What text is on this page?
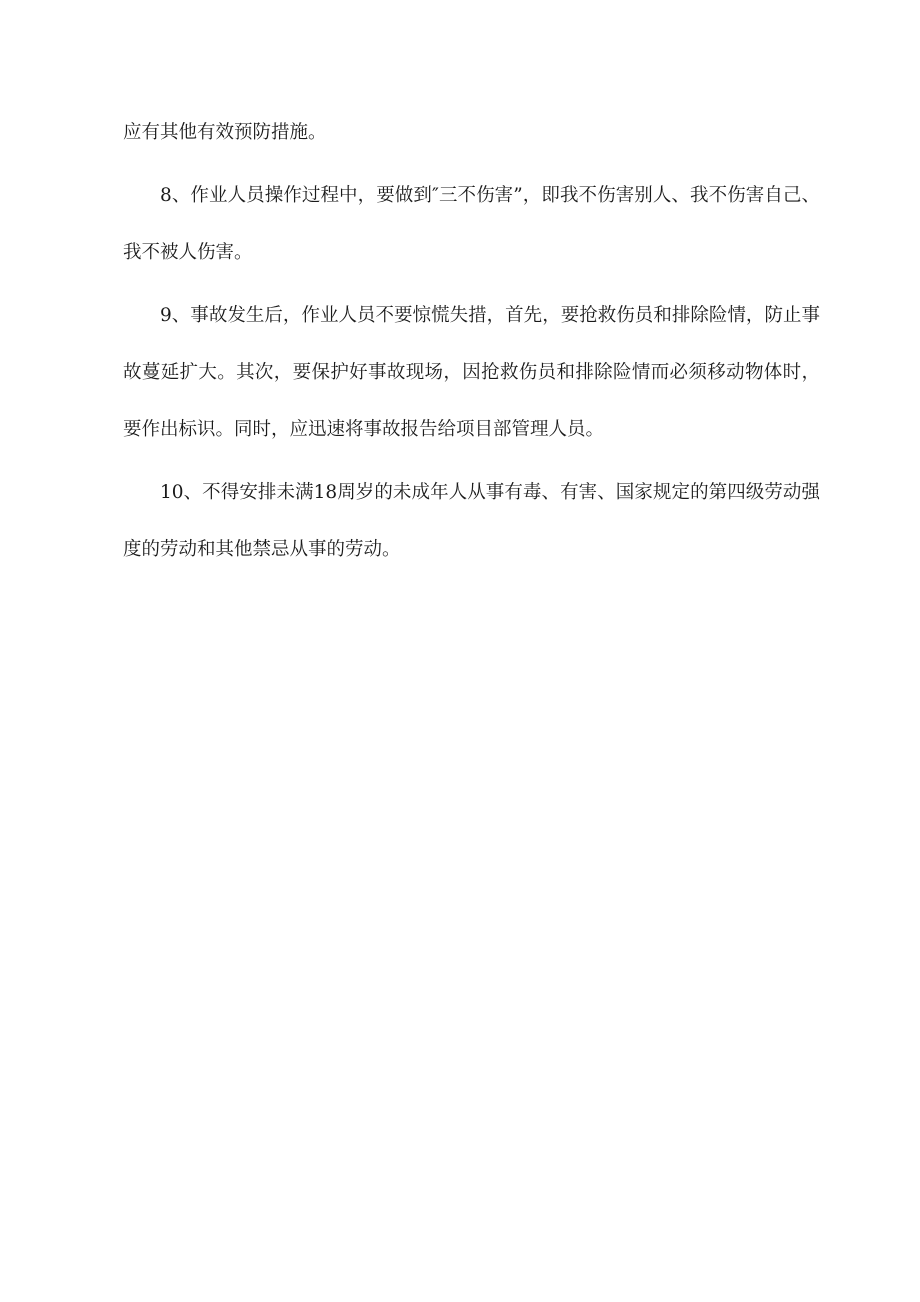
应有其他有效预防措施。

8、作业人员操作过程中，要做到″三不伤害”，即我不伤害别人、我不伤害自己、我不被人伤害。

9、事故发生后，作业人员不要惊慌失措，首先，要抢救伤员和排除险情，防止事故蔓延扩大。其次，要保护好事故现场，因抢救伤员和排除险情而必须移动物体时，要作出标识。同时，应迅速将事故报告给项目部管理人员。

10、不得安排未满18周岁的未成年人从事有毒、有害、国家规定的第四级劳动强度的劳动和其他禁忌从事的劳动。
